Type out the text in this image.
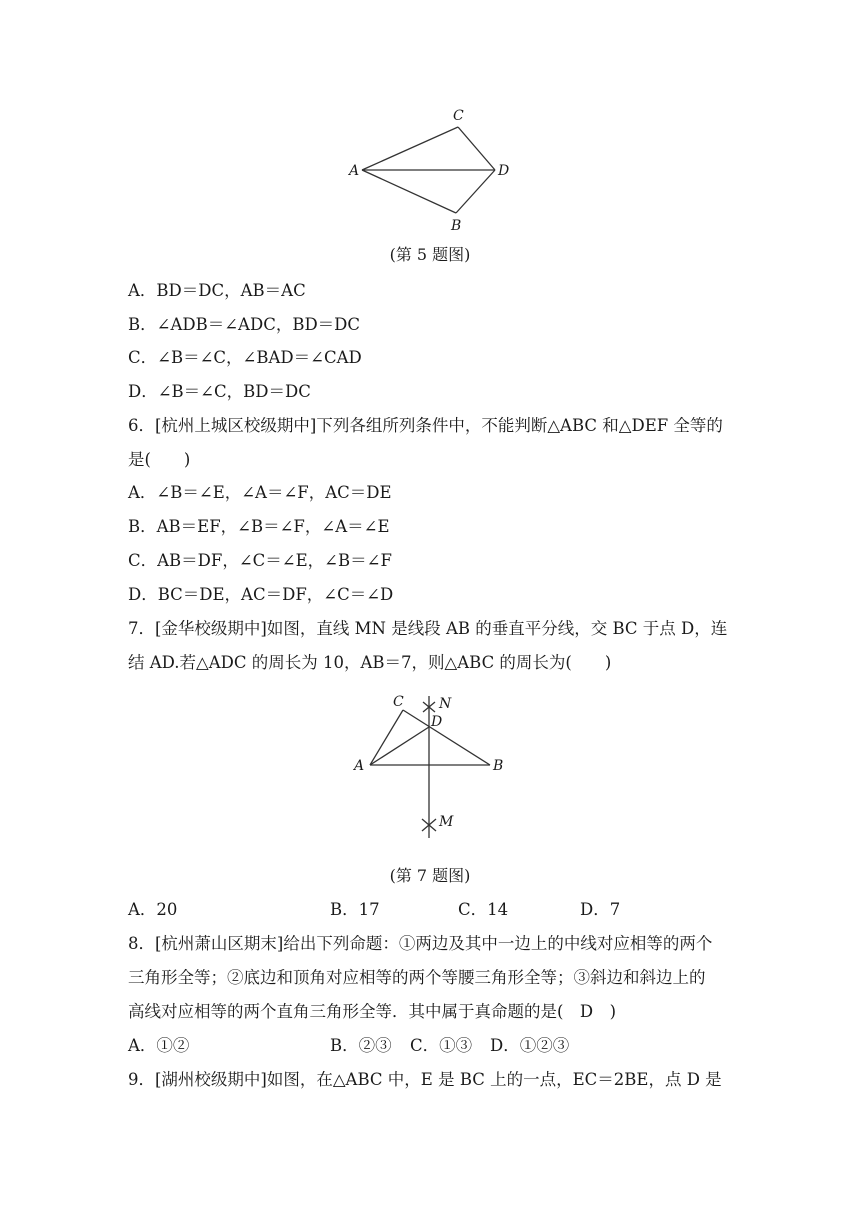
C
A	D
B
(第 5 题图)
A．BD＝DC，AB＝AC
B．∠ADB＝∠ADC，BD＝DC
C．∠B＝∠C，∠BAD＝∠CAD
D．∠B＝∠C，BD＝DC
6．[杭州上城区校级期中]下列各组所列条件中，不能判断△ABC 和△DEF 全等的
是(　　)
A．∠B＝∠E，∠A＝∠F，AC＝DE
B．AB＝EF，∠B＝∠F，∠A＝∠E
C．AB＝DF，∠C＝∠E，∠B＝∠F
D．BC＝DE，AC＝DF，∠C＝∠D
7．[金华校级期中]如图，直线 MN 是线段 AB 的垂直平分线，交 BC 于点 D，连
结 AD.若△ADC 的周长为 10，AB＝7，则△ABC 的周长为(　　)
C	N
D
A	B
M
(第 7 题图)
A．20	B．17	C．14	D．7
8．[杭州萧山区期末]给出下列命题：①两边及其中一边上的中线对应相等的两个
三角形全等；②底边和顶角对应相等的两个等腰三角形全等；③斜边和斜边上的
高线对应相等的两个直角三角形全等．其中属于真命题的是(　D　)
A．①②	B．②③ C．①③ D．①②③
9．[湖州校级期中]如图，在△ABC 中，E 是 BC 上的一点，EC＝2BE，点 D 是
